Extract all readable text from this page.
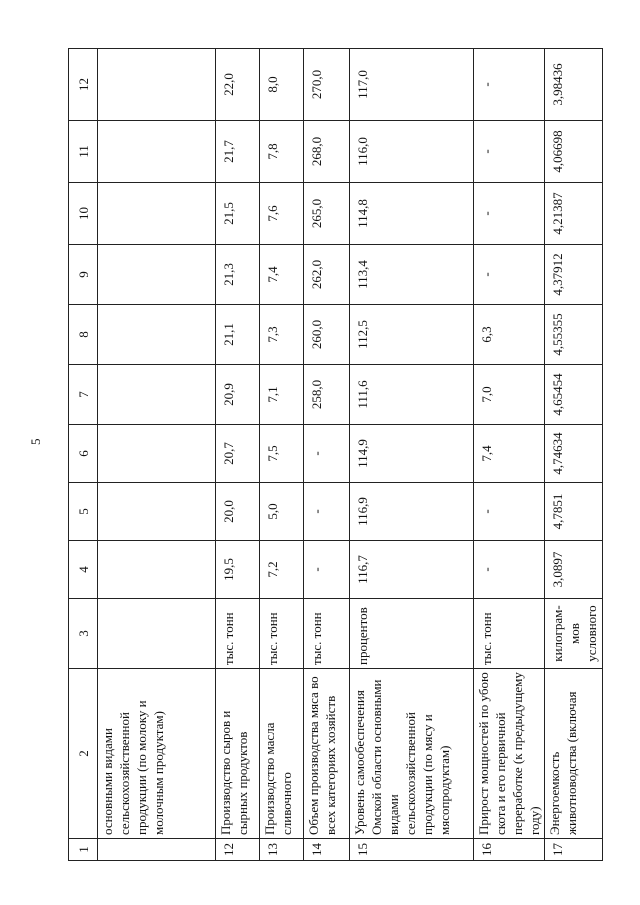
5
1	2	3	4	5	6	7	8	9	10	11	12
	основными видами сельскохозяйственной продукции (по молоку и молочным продуктам)										
12	Производство сыров и сырных продуктов	тыс. тонн	19,5	20,0	20,7	20,9	21,1	21,3	21,5	21,7	22,0
13	Производство масла сливочного	тыс. тонн	7,2	5,0	7,5	7,1	7,3	7,4	7,6	7,8	8,0
14	Объем производства мяса во всех категориях хозяйств	тыс. тонн	-	-	-	258,0	260,0	262,0	265,0	268,0	270,0
15	Уровень самообеспечения Омской области основными видами сельскохозяйственной продукции (по мясу и мясопродуктам)	процентов	116,7	116,9	114,9	111,6	112,5	113,4	114,8	116,0	117,0
16	Прирост мощностей по убою скота и его первичной переработке (к предыдущему году)	тыс. тонн	-	-	7,4	7,0	6,3	-	-	-	-
17	Энергоемкость животноводства (включая	килограм-мов условного	3,0897	4,7851	4,74634	4,65454	4,55355	4,37912	4,21387	4,06698	3,98436
